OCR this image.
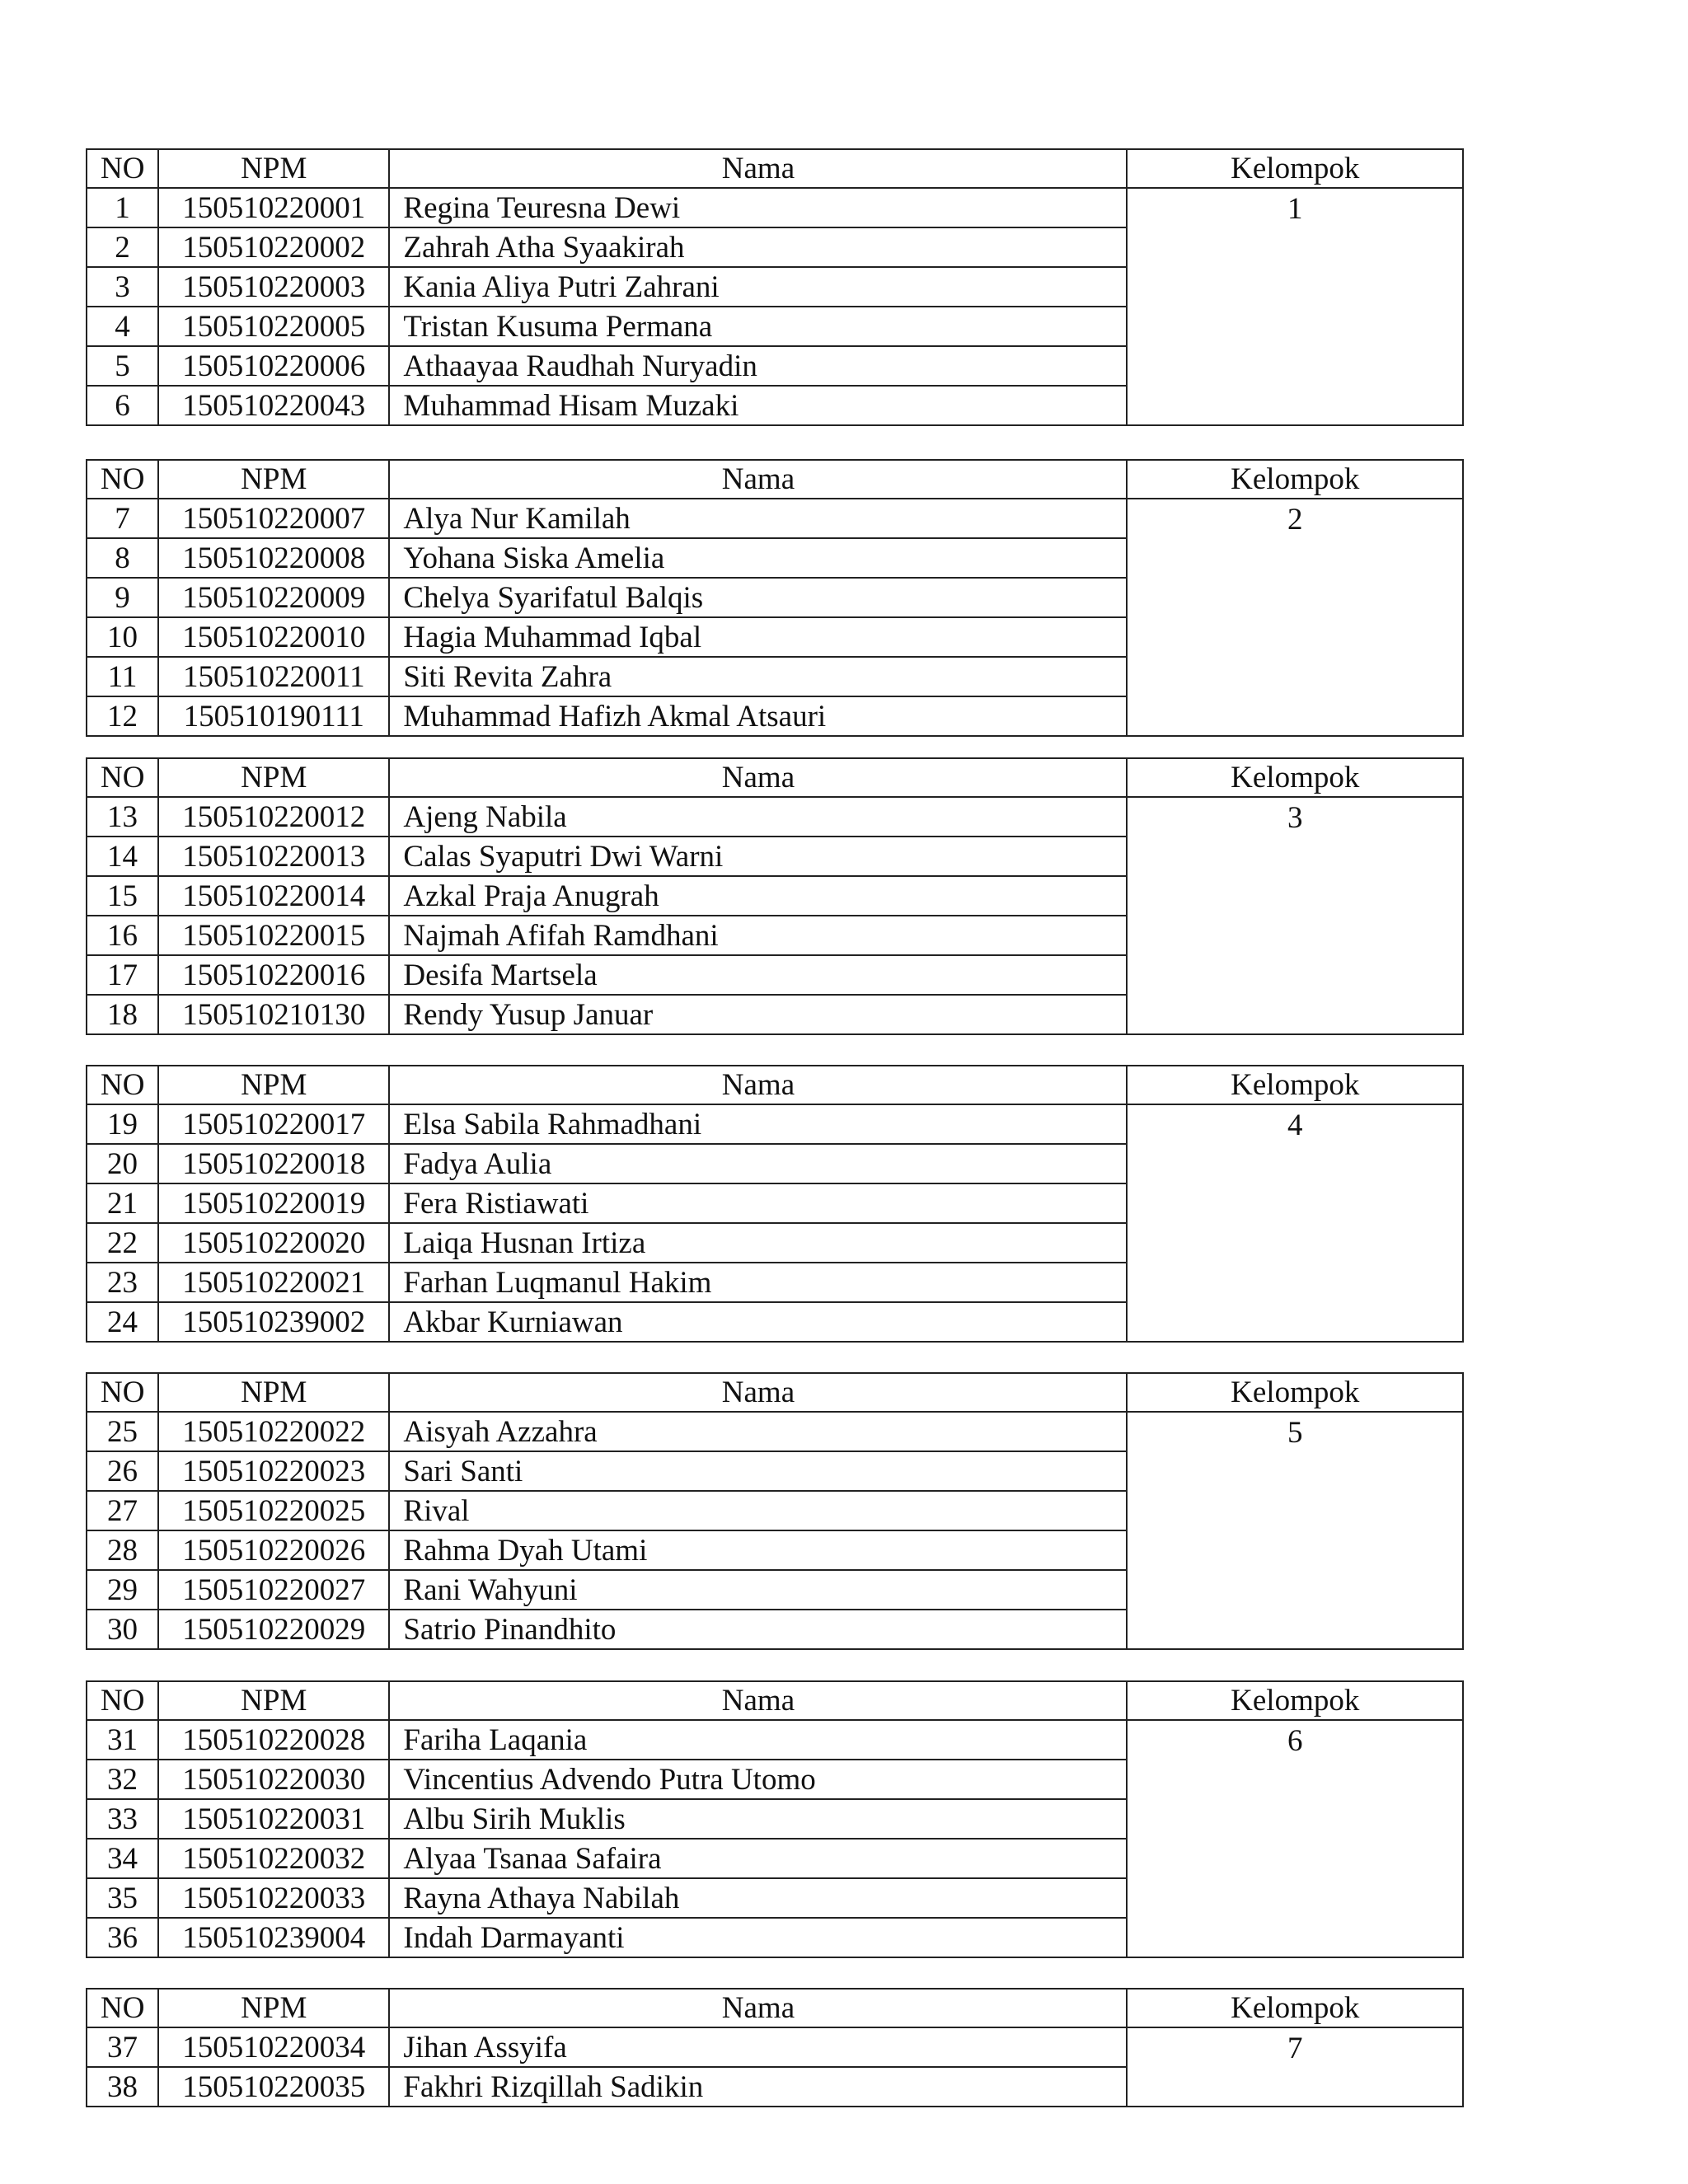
NO	NPM	Nama	Kelompok
1	150510220001	Regina Teuresna Dewi	1
2	150510220002	Zahrah Atha Syaakirah	
3	150510220003	Kania Aliya Putri Zahrani	
4	150510220005	Tristan Kusuma Permana	
5	150510220006	Athaayaa Raudhah Nuryadin	
6	150510220043	Muhammad Hisam Muzaki	
NO	NPM	Nama	Kelompok
7	150510220007	Alya Nur Kamilah	2
8	150510220008	Yohana Siska Amelia	
9	150510220009	Chelya Syarifatul Balqis	
10	150510220010	Hagia Muhammad Iqbal	
11	150510220011	Siti Revita Zahra	
12	150510190111	Muhammad Hafizh Akmal Atsauri	
NO	NPM	Nama	Kelompok
13	150510220012	Ajeng Nabila	3
14	150510220013	Calas Syaputri Dwi Warni	
15	150510220014	Azkal Praja Anugrah	
16	150510220015	Najmah Afifah Ramdhani	
17	150510220016	Desifa Martsela	
18	150510210130	Rendy Yusup Januar	
NO	NPM	Nama	Kelompok
19	150510220017	Elsa Sabila Rahmadhani	4
20	150510220018	Fadya Aulia	
21	150510220019	Fera Ristiawati	
22	150510220020	Laiqa Husnan Irtiza	
23	150510220021	Farhan Luqmanul Hakim	
24	150510239002	Akbar Kurniawan	
NO	NPM	Nama	Kelompok
25	150510220022	Aisyah Azzahra	5
26	150510220023	Sari Santi	
27	150510220025	Rival	
28	150510220026	Rahma Dyah Utami	
29	150510220027	Rani Wahyuni	
30	150510220029	Satrio Pinandhito	
NO	NPM	Nama	Kelompok
31	150510220028	Fariha Laqania	6
32	150510220030	Vincentius Advendo Putra Utomo	
33	150510220031	Albu Sirih Muklis	
34	150510220032	Alyaa Tsanaa Safaira	
35	150510220033	Rayna Athaya Nabilah	
36	150510239004	Indah Darmayanti	
NO	NPM	Nama	Kelompok
37	150510220034	Jihan Assyifa	7
38	150510220035	Fakhri Rizqillah Sadikin	
